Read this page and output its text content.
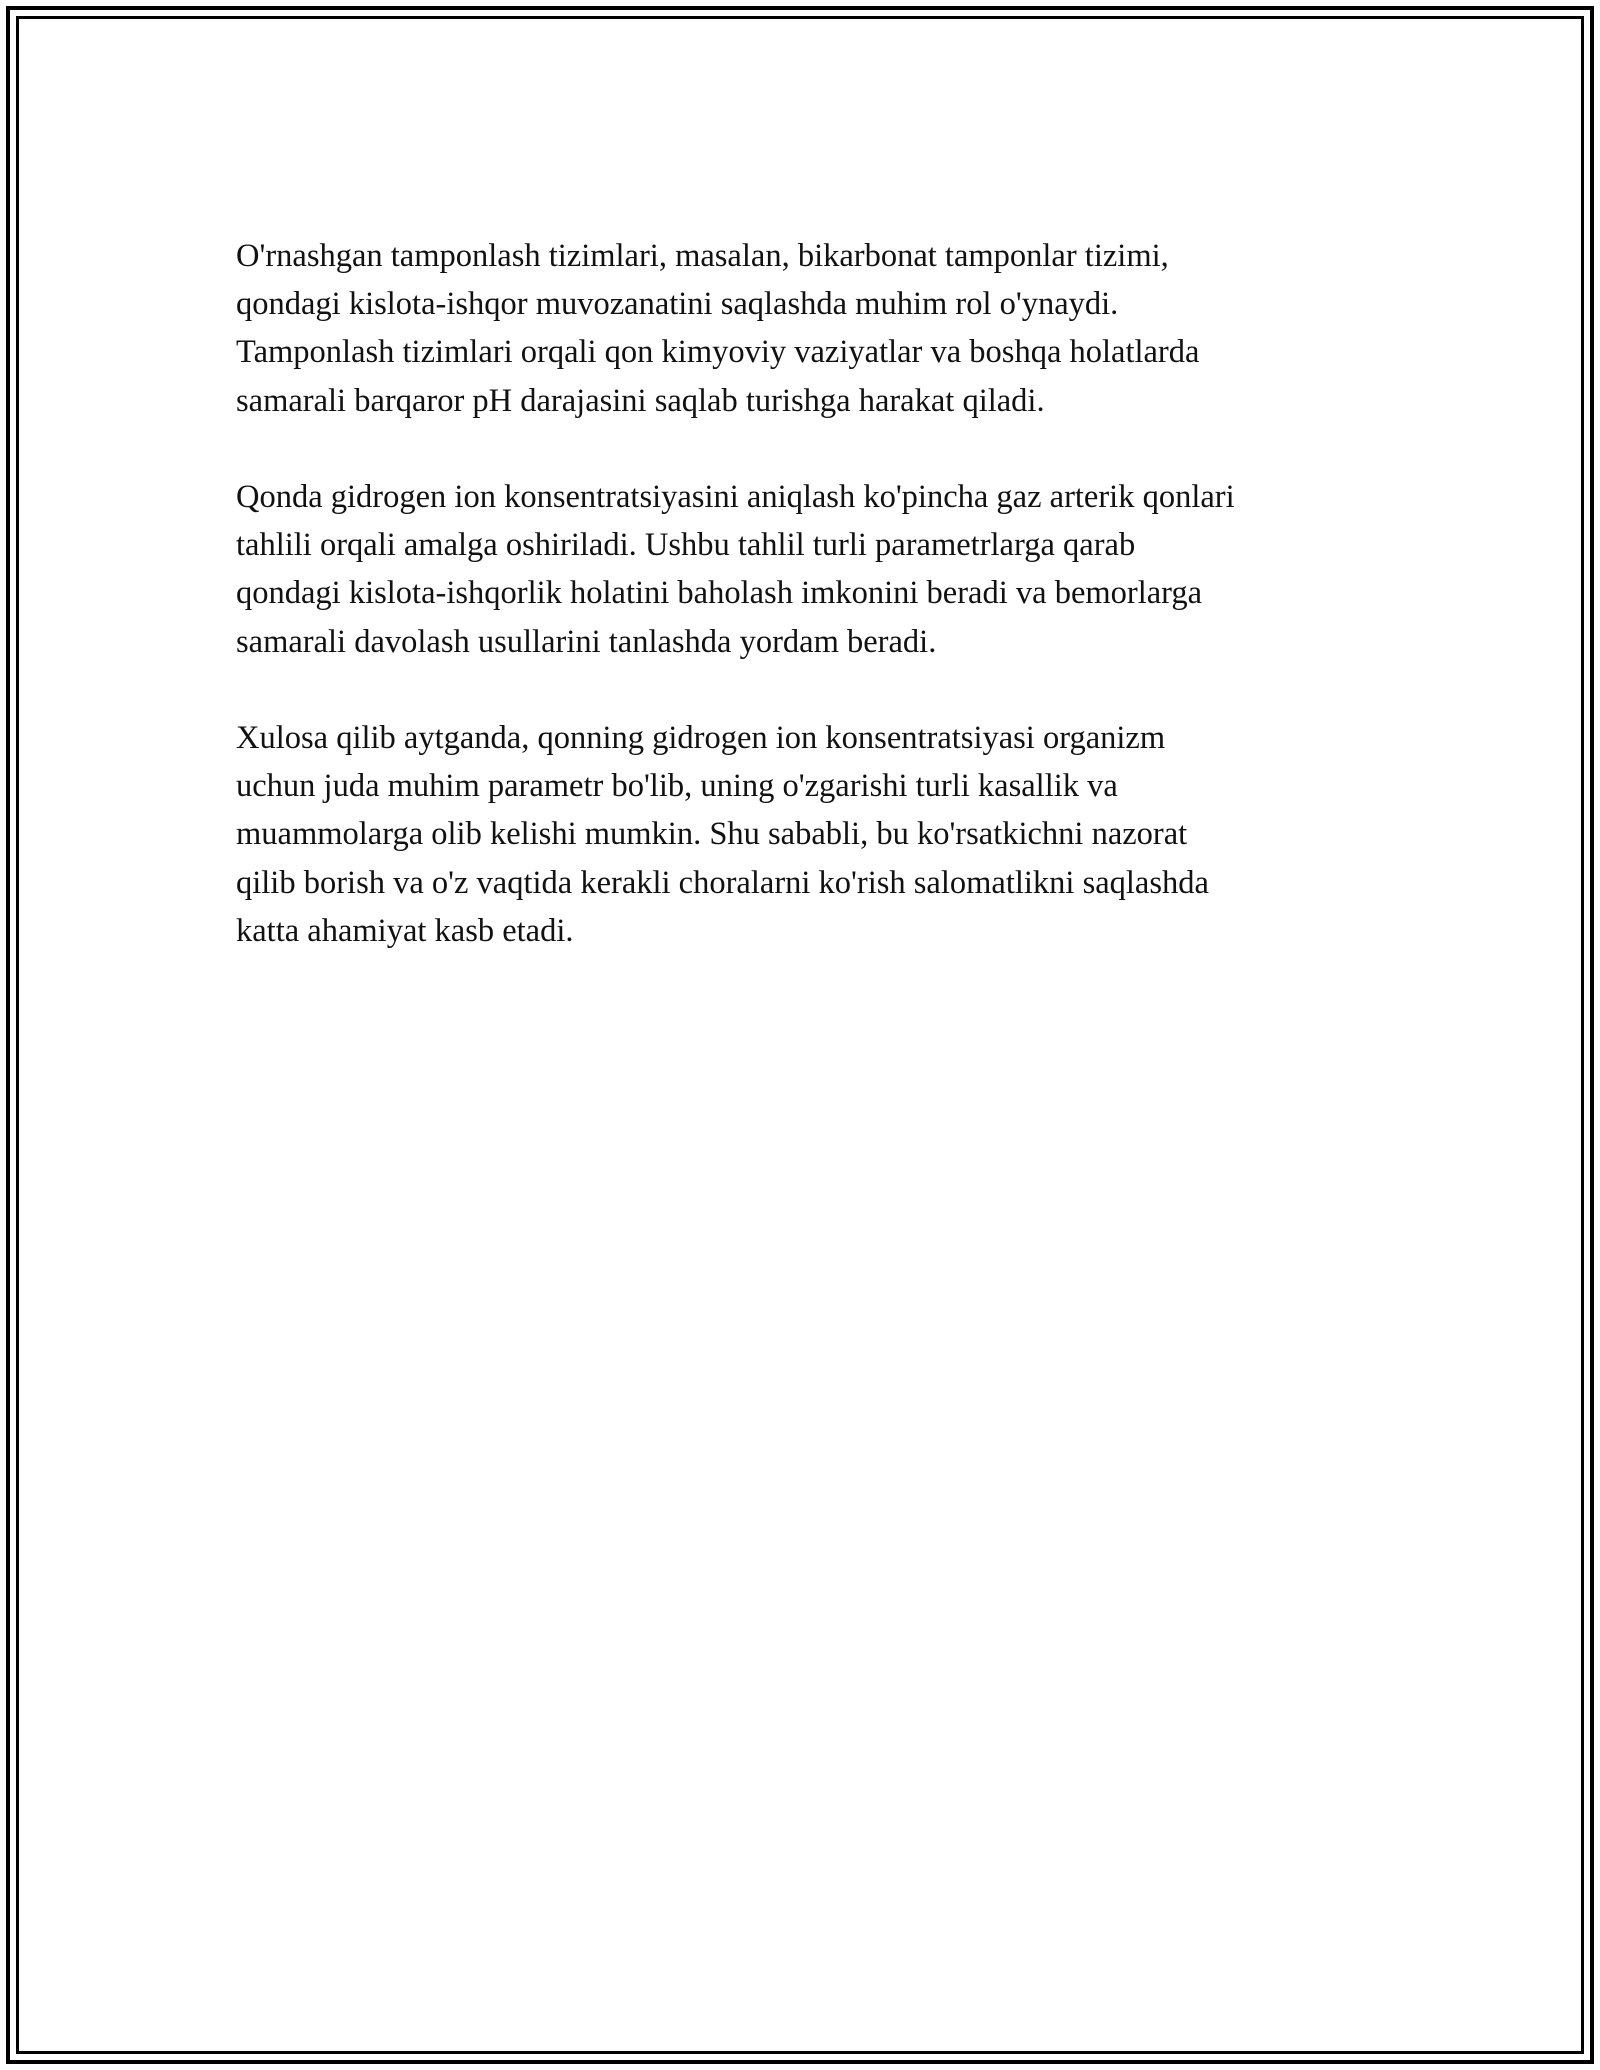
O'rnashgan tamponlash tizimlari, masalan, bikarbonat tamponlar tizimi,
qondagi kislota-ishqor muvozanatini saqlashda muhim rol o'ynaydi.
Tamponlash tizimlari orqali qon kimyoviy vaziyatlar va boshqa holatlarda
samarali barqaror pH darajasini saqlab turishga harakat qiladi.

Qonda gidrogen ion konsentratsiyasini aniqlash ko'pincha gaz arterik qonlari
tahlili orqali amalga oshiriladi. Ushbu tahlil turli parametrlarga qarab
qondagi kislota-ishqorlik holatini baholash imkonini beradi va bemorlarga
samarali davolash usullarini tanlashda yordam beradi.

Xulosa qilib aytganda, qonning gidrogen ion konsentratsiyasi organizm
uchun juda muhim parametr bo'lib, uning o'zgarishi turli kasallik va
muammolarga olib kelishi mumkin. Shu sababli, bu ko'rsatkichni nazorat
qilib borish va o'z vaqtida kerakli choralarni ko'rish salomatlikni saqlashda
katta ahamiyat kasb etadi.
